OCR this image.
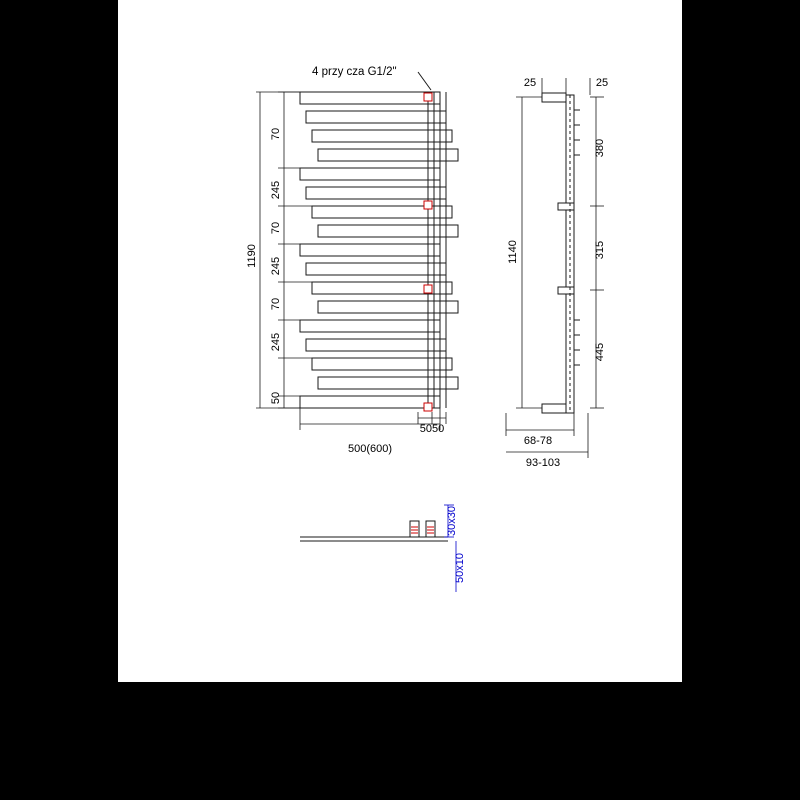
4 przy cza G1/2"
1190
70
245
70
245
70
245
50
500(600)
5050
25	25
380
1140	315
445
68-78
93-103
30x30
50x10
